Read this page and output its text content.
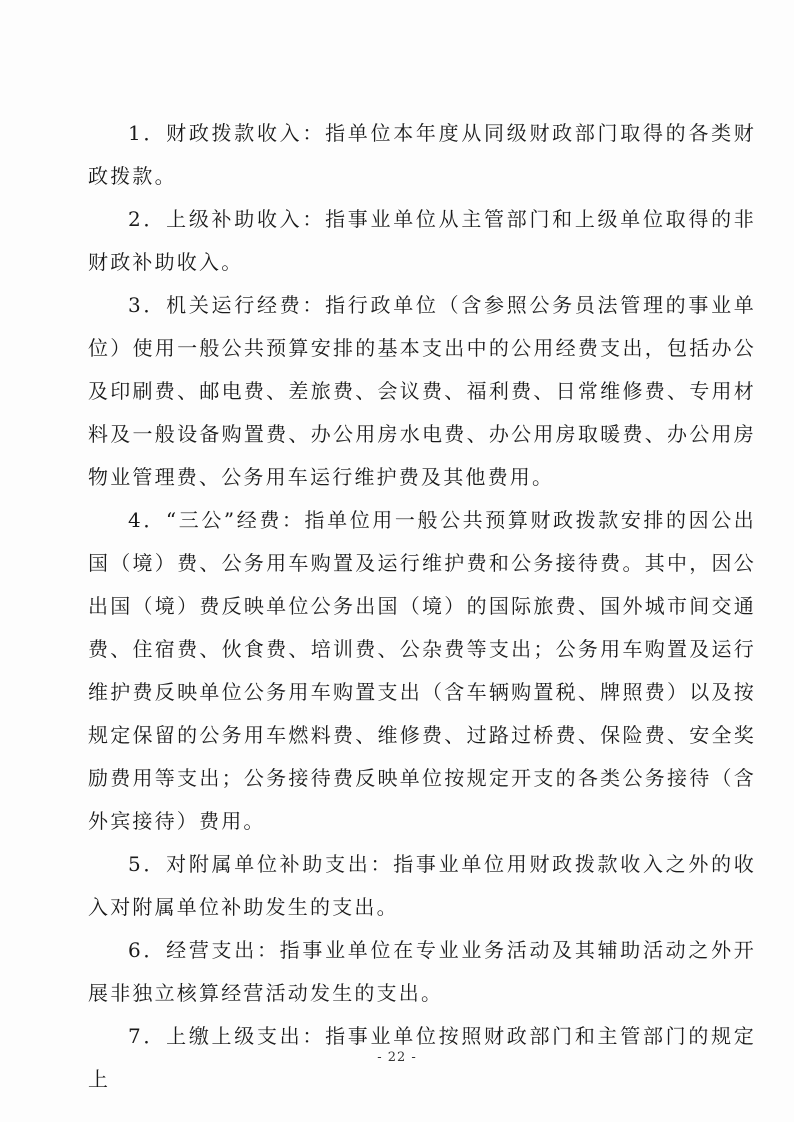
1．财政拨款收入：指单位本年度从同级财政部门取得的各类财政拨款。

2．上级补助收入：指事业单位从主管部门和上级单位取得的非财政补助收入。

3．机关运行经费：指行政单位（含参照公务员法管理的事业单位）使用一般公共预算安排的基本支出中的公用经费支出，包括办公及印刷费、邮电费、差旅费、会议费、福利费、日常维修费、专用材料及一般设备购置费、办公用房水电费、办公用房取暖费、办公用房物业管理费、公务用车运行维护费及其他费用。

4．“三公”经费：指单位用一般公共预算财政拨款安排的因公出国（境）费、公务用车购置及运行维护费和公务接待费。其中，因公出国（境）费反映单位公务出国（境）的国际旅费、国外城市间交通费、住宿费、伙食费、培训费、公杂费等支出；公务用车购置及运行维护费反映单位公务用车购置支出（含车辆购置税、牌照费）以及按规定保留的公务用车燃料费、维修费、过路过桥费、保险费、安全奖励费用等支出；公务接待费反映单位按规定开支的各类公务接待（含外宾接待）费用。

5．对附属单位补助支出：指事业单位用财政拨款收入之外的收入对附属单位补助发生的支出。

6．经营支出：指事业单位在专业业务活动及其辅助活动之外开展非独立核算经营活动发生的支出。

7．上缴上级支出：指事业单位按照财政部门和主管部门的规定上

- 22 -
